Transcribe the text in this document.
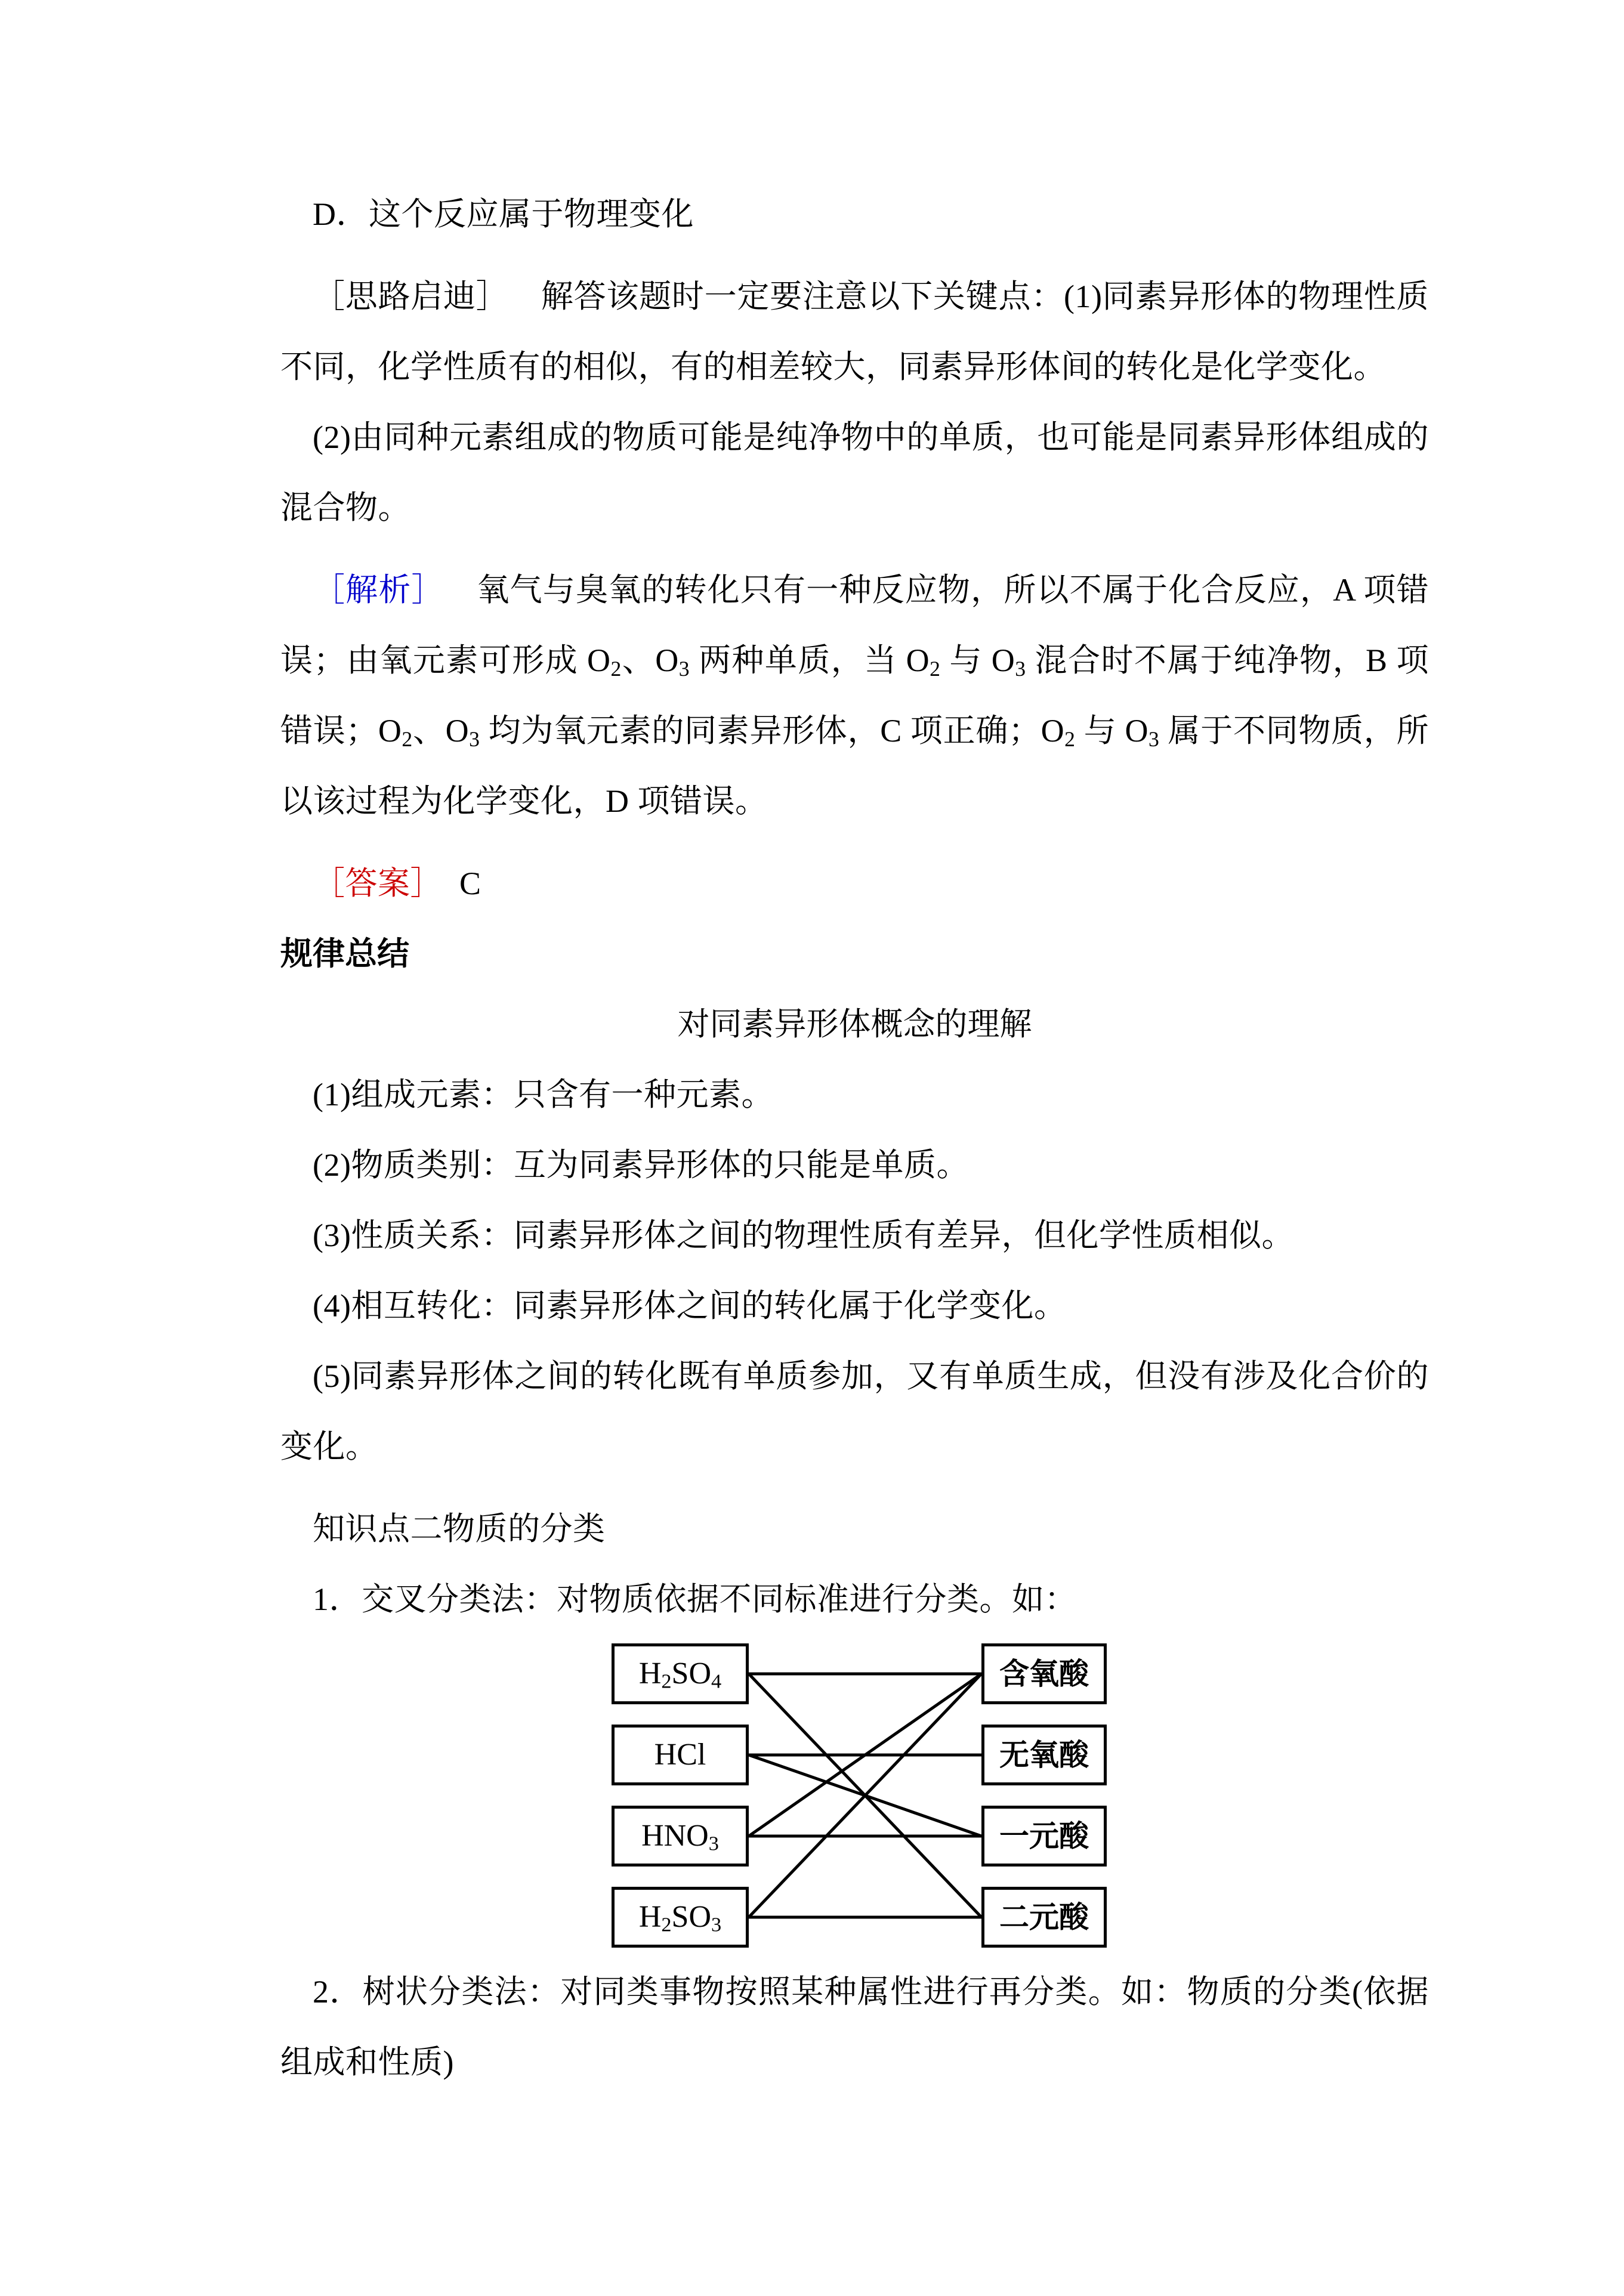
D．这个反应属于物理变化
［思路启迪］ 解答该题时一定要注意以下关键点：(1)同素异形体的物理性质不同，化学性质有的相似，有的相差较大，同素异形体间的转化是化学变化。
(2)由同种元素组成的物质可能是纯净物中的单质，也可能是同素异形体组成的混合物。
［解析］ 氧气与臭氧的转化只有一种反应物，所以不属于化合反应，A 项错误；由氧元素可形成 $O_2$、$O_3$ 两种单质，当 $O_2$ 与 $O_3$ 混合时不属于纯净物，B 项错误；$O_2$、$O_3$ 均为氧元素的同素异形体，C 项正确；$O_2$ 与 $O_3$ 属于不同物质，所以该过程为化学变化，D 项错误。
［答案］ C
规律总结
对同素异形体概念的理解
(1)组成元素：只含有一种元素。
(2)物质类别：互为同素异形体的只能是单质。
(3)性质关系：同素异形体之间的物理性质有差异，但化学性质相似。
(4)相互转化：同素异形体之间的转化属于化学变化。
(5)同素异形体之间的转化既有单质参加，又有单质生成，但没有涉及化合价的变化。
知识点二物质的分类
1．交叉分类法：对物质依据不同标准进行分类。如：
$H_2SO_4$
HCl
$HNO_3$
$H_2SO_3$
含氧酸
无氧酸
一元酸
二元酸
2．树状分类法：对同类事物按照某种属性进行再分类。如：物质的分类(依据组成和性质)
